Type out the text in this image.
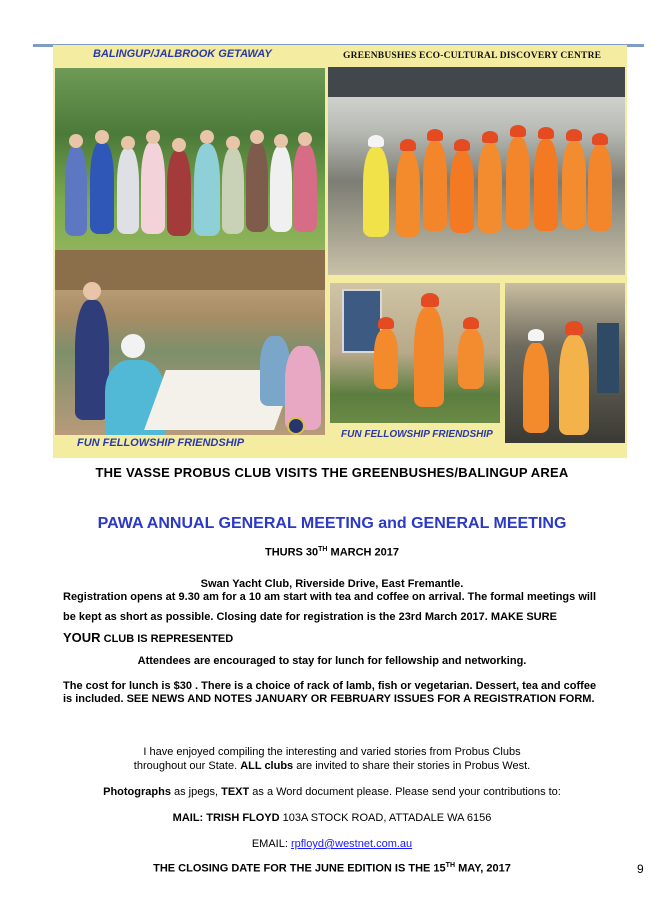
BALINGUP/JALBROOK GETAWAY	GREENBUSHES ECO-CULTURAL DISCOVERY CENTRE
FUN FELLOWSHIP FRIENDSHIP
FUN FELLOWSHIP FRIENDSHIP
THE VASSE PROBUS CLUB VISITS THE GREENBUSHES/BALINGUP AREA
PAWA ANNUAL GENERAL MEETING and GENERAL MEETING
THURS 30TH MARCH 2017
Swan Yacht Club, Riverside Drive, East Fremantle.
Registration opens at 9.30 am for a 10 am start with tea and coffee on arrival. The formal meetings will
be kept as short as possible. Closing date for registration is the 23rd March 2017. MAKE SURE
YOUR CLUB IS REPRESENTED
Attendees are encouraged to stay for lunch for fellowship and networking.
The cost for lunch is $30 . There is a choice of rack of lamb, fish or vegetarian. Dessert, tea and coffee
is included. SEE NEWS AND NOTES JANUARY OR FEBRUARY ISSUES FOR A REGISTRATION FORM.
I have enjoyed compiling the interesting and varied stories from Probus Clubs
throughout our State. ALL clubs are invited to share their stories in Probus West.
Photographs as jpegs, TEXT as a Word document please. Please send your contributions to:
MAIL: TRISH FLOYD 103A STOCK ROAD, ATTADALE WA 6156
EMAIL: rpfloyd@westnet.com.au
THE CLOSING DATE FOR THE JUNE EDITION IS THE 15TH MAY, 2017	9
